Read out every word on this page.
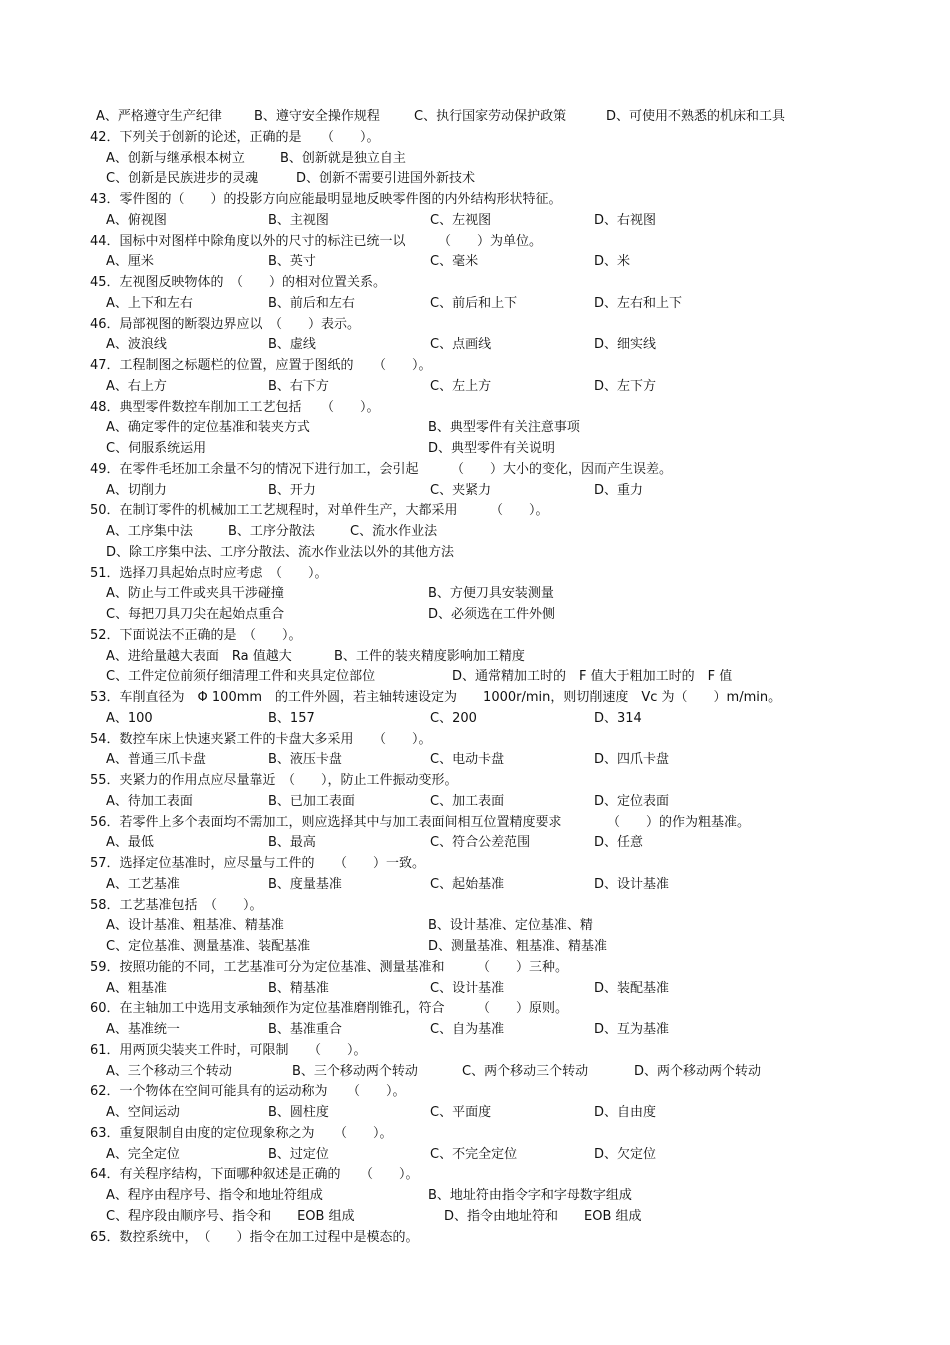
A、严格遵守生产纪律 B、遵守安全操作规程	C、执行国家劳动保护政策	D、可使用不熟悉的机床和工具
42．下列关于创新的论述，正确的是　　（　　）。
A、创新与继承根本树立	B、创新就是独立自主
C、创新是民族进步的灵魂	D、创新不需要引进国外新技术
43．零件图的（　　）的投影方向应能最明显地反映零件图的内外结构形状特征。
A、俯视图	B、主视图	C、左视图	D、右视图
44．国标中对图样中除角度以外的尺寸的标注已统一以　　　（　　）为单位。
A、厘米	B、英寸	C、毫米	D、米
45．左视图反映物体的　（　　）的相对位置关系。
A、上下和左右	B、前后和左右	C、前后和上下	D、左右和上下
46．局部视图的断裂边界应以　（　　）表示。
A、波浪线	B、虚线	C、点画线	D、细实线
47．工程制图之标题栏的位置，应置于图纸的　　（　　）。
A、右上方	B、右下方	C、左上方	D、左下方
48．典型零件数控车削加工工艺包括　　（　　）。
A、确定零件的定位基准和装夹方式	B、典型零件有关注意事项
C、伺服系统运用	D、典型零件有关说明
49．在零件毛坯加工余量不匀的情况下进行加工，会引起　　　（　　）大小的变化，因而产生误差。
A、切削力	B、开力	C、夹紧力	D、重力
50．在制订零件的机械加工工艺规程时，对单件生产，大都采用　　　（　　）。
A、工序集中法	B、工序分散法	C、流水作业法
D、除工序集中法、工序分散法、流水作业法以外的其他方法
51．选择刀具起始点时应考虑　（　　）。
A、防止与工件或夹具干涉碰撞	B、方便刀具安装测量
C、每把刀具刀尖在起始点重合	D、必须选在工件外侧
52．下面说法不正确的是　（　　）。
A、进给量越大表面　Ra 值越大	B、工件的装夹精度影响加工精度
C、工件定位前须仔细清理工件和夹具定位部位	D、通常精加工时的　F 值大于粗加工时的　F 值
53．车削直径为　Φ 100mm　的工件外圆，若主轴转速设定为　　1000r/min，则切削速度　Vc 为（　　）m/min。
A、100	B、157	C、200	D、314
54．数控车床上快速夹紧工件的卡盘大多采用　　（　　）。
A、普通三爪卡盘	B、液压卡盘	C、电动卡盘	D、四爪卡盘
55．夹紧力的作用点应尽量靠近　（　　），防止工件振动变形。
A、待加工表面	B、已加工表面	C、加工表面	D、定位表面
56．若零件上多个表面均不需加工，则应选择其中与加工表面间相互位置精度要求　　　　（　　）的作为粗基准。
A、最低	B、最高	C、符合公差范围	D、任意
57．选择定位基准时，应尽量与工件的　　（　　）一致。
A、工艺基准	B、度量基准	C、起始基准	D、设计基准
58．工艺基准包括　（　　）。
A、设计基准、粗基准、精基准	B、设计基准、定位基准、精
C、定位基准、测量基准、装配基准	D、测量基准、粗基准、精基准
59．按照功能的不同，工艺基准可分为定位基准、测量基准和　　　（　　）三种。
A、粗基准	B、精基准	C、设计基准	D、装配基准
60．在主轴加工中选用支承轴颈作为定位基准磨削锥孔，符合　　　（　　）原则。
A、基准统一	B、基准重合	C、自为基准	D、互为基准
61．用两顶尖装夹工件时，可限制　　（　　）。
A、三个移动三个转动	B、三个移动两个转动	C、两个移动三个转动	D、两个移动两个转动
62．一个物体在空间可能具有的运动称为　　（　　）。
A、空间运动	B、圆柱度	C、平面度	D、自由度
63．重复限制自由度的定位现象称之为　　（　　）。
A、完全定位	B、过定位	C、不完全定位	D、欠定位
64．有关程序结构，下面哪种叙述是正确的　　（　　）。
A、程序由程序号、指令和地址符组成	B、地址符由指令字和字母数字组成
C、程序段由顺序号、指令和　　EOB 组成	D、指令由地址符和　　EOB 组成
65．数控系统中，　（　　）指令在加工过程中是模态的。
